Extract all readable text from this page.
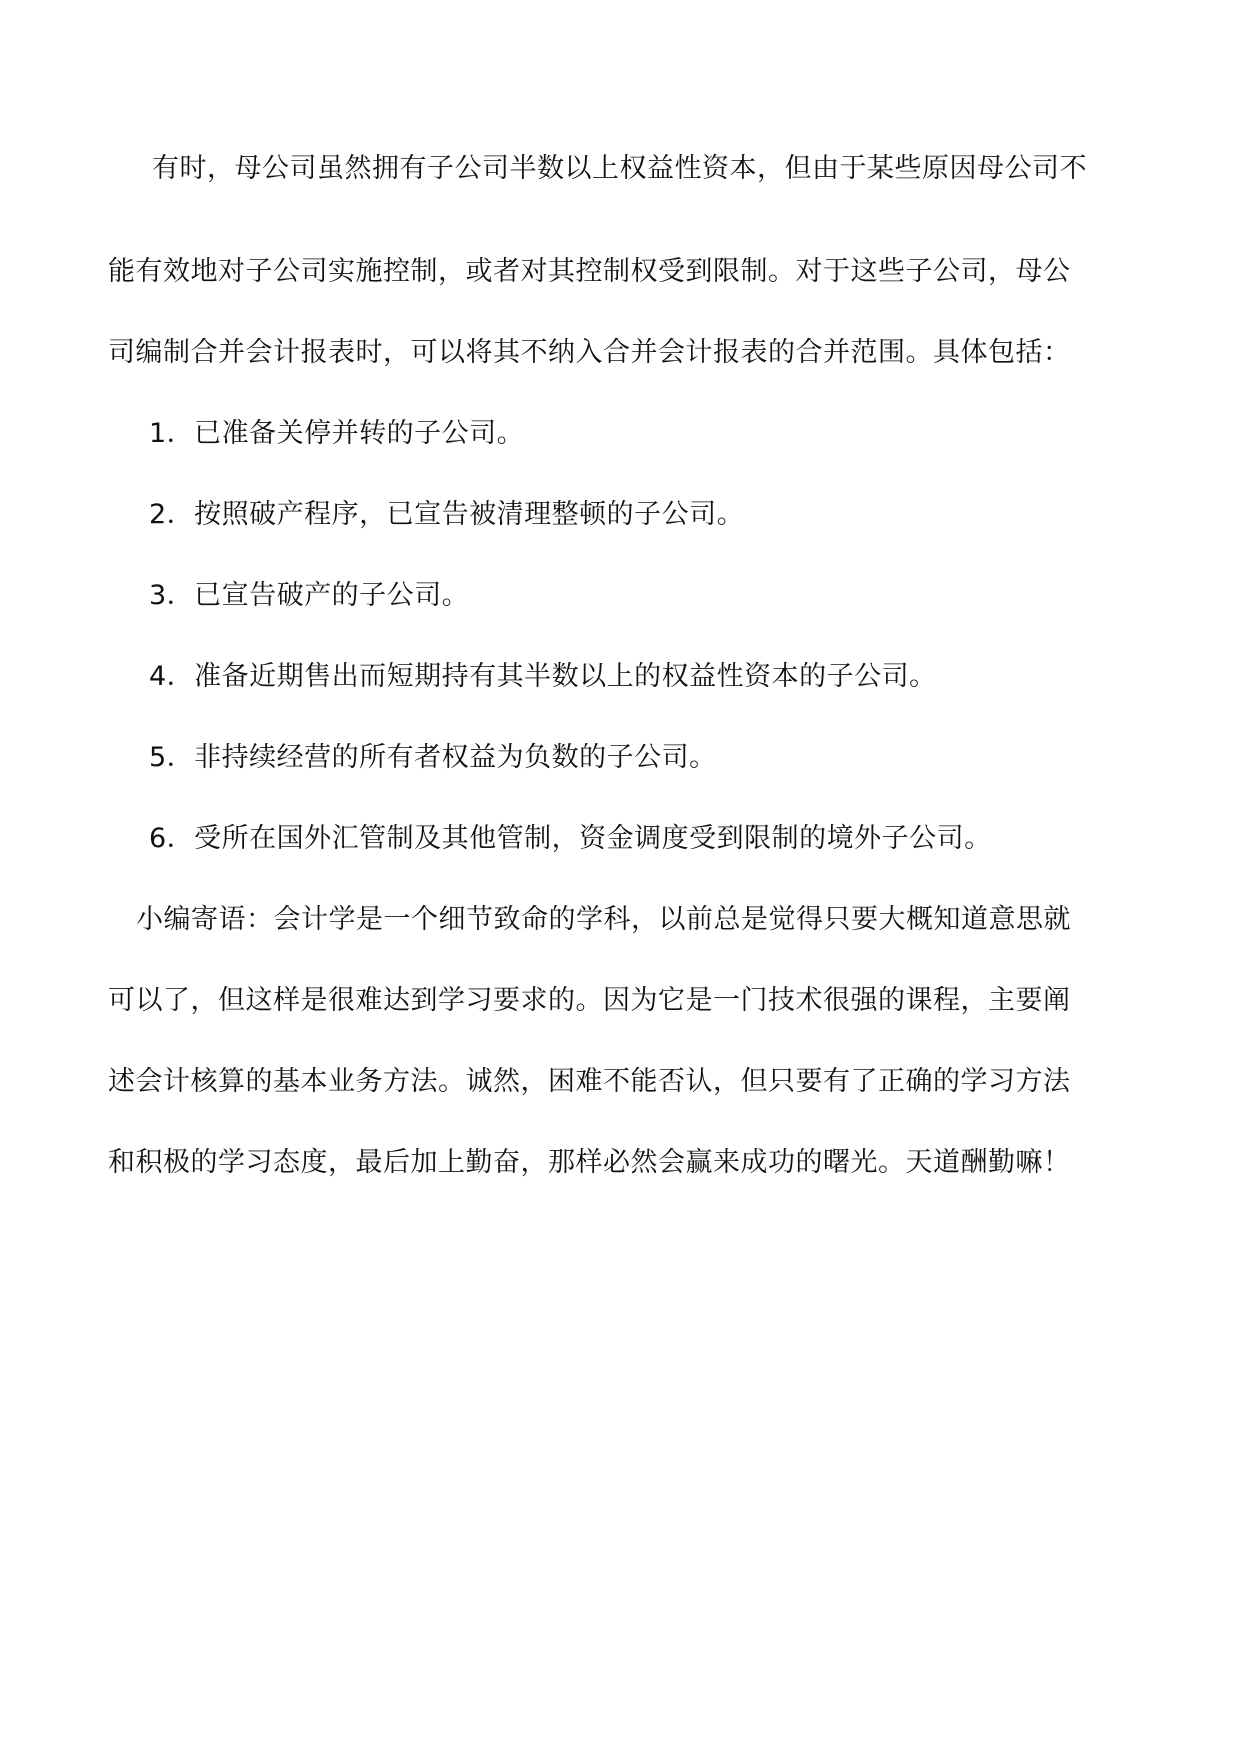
有时，母公司虽然拥有子公司半数以上权益性资本，但由于某些原因母公司不
能有效地对子公司实施控制，或者对其控制权受到限制。对于这些子公司，母公
司编制合并会计报表时，可以将其不纳入合并会计报表的合并范围。具体包括：
1．已准备关停并转的子公司。
2．按照破产程序，已宣告被清理整顿的子公司。
3．已宣告破产的子公司。
4．准备近期售出而短期持有其半数以上的权益性资本的子公司。
5．非持续经营的所有者权益为负数的子公司。
6．受所在国外汇管制及其他管制，资金调度受到限制的境外子公司。
小编寄语：会计学是一个细节致命的学科，以前总是觉得只要大概知道意思就
可以了，但这样是很难达到学习要求的。因为它是一门技术很强的课程，主要阐
述会计核算的基本业务方法。诚然，困难不能否认，但只要有了正确的学习方法
和积极的学习态度，最后加上勤奋，那样必然会赢来成功的曙光。天道酬勤嘛！
